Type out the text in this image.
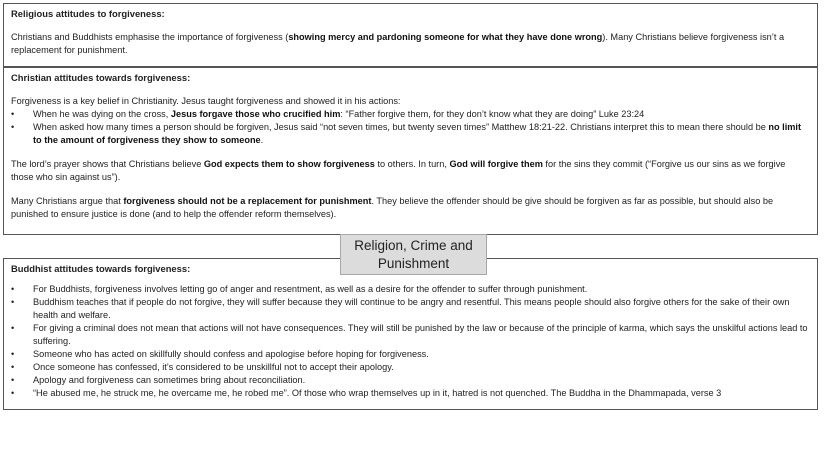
Religious attitudes to forgiveness:

Christians and Buddhists emphasise the importance of forgiveness (showing mercy and pardoning someone for what they have done wrong). Many Christians believe forgiveness isn’t a replacement for punishment.

Christian attitudes towards forgiveness:

Forgiveness is a key belief in Christianity. Jesus taught forgiveness and showed it in his actions:

• When he was dying on the cross, Jesus forgave those who crucified him: “Father forgive them, for they don’t know what they are doing” Luke 23:24
• When asked how many times a person should be forgiven, Jesus said “not seven times, but twenty seven times” Matthew 18:21-22. Christians interpret this to mean there should be no limit to the amount of forgiveness they show to someone.

The lord’s prayer shows that Christians believe God expects them to show forgiveness to others. In turn, God will forgive them for the sins they commit (“Forgive us our sins as we forgive those who sin against us”).

Many Christians argue that forgiveness should not be a replacement for punishment. They believe the offender should be give should be forgiven as far as possible, but should also be punished to ensure justice is done (and to help the offender reform themselves).

Religion, Crime and
Punishment

Buddhist attitudes towards forgiveness:

• For Buddhists, forgiveness involves letting go of anger and resentment, as well as a desire for the offender to suffer through punishment.
• Buddhism teaches that if people do not forgive, they will suffer because they will continue to be angry and resentful. This means people should also forgive others for the sake of their own health and welfare.
• For giving a criminal does not mean that actions will not have consequences. They will still be punished by the law or because of the principle of karma, which says the unskilful actions lead to suffering.
• Someone who has acted on skillfully should confess and apologise before hoping for forgiveness.
• Once someone has confessed, it’s considered to be unskillful not to accept their apology.
• Apology and forgiveness can sometimes bring about reconciliation.
• “He abused me, he struck me, he overcame me, he robed me”. Of those who wrap themselves up in it, hatred is not quenched. The Buddha in the Dhammapada, verse 3
